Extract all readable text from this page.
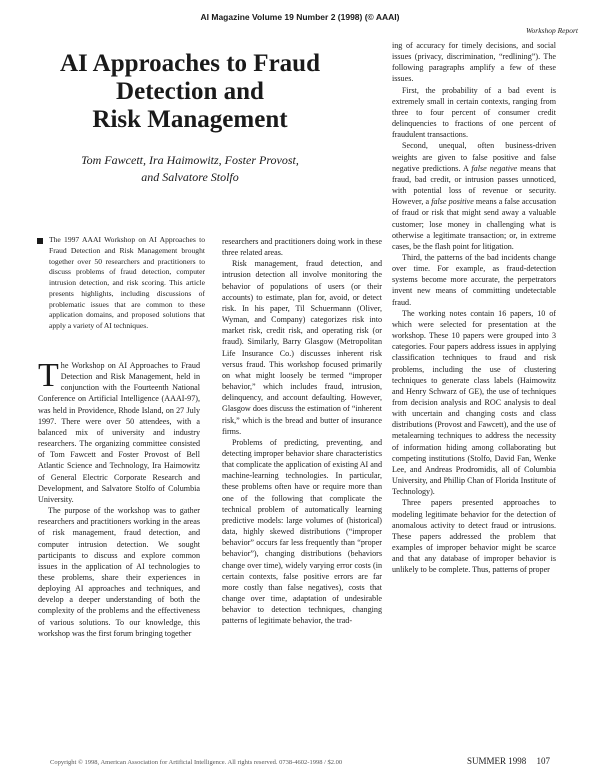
AI Magazine Volume 19 Number 2 (1998) (© AAAI)
Workshop Report
AI Approaches to Fraud
Detection and
Risk Management
Tom Fawcett, Ira Haimowitz, Foster Provost,
and Salvatore Stolfo
The 1997 AAAI Workshop on AI Approaches to Fraud Detection and Risk Management brought together over 50 researchers and practitioners to discuss problems of fraud detection, computer intrusion detection, and risk scoring. This article presents highlights, including discussions of problematic issues that are common to these application domains, and proposed solutions that apply a variety of AI techniques.

The Workshop on AI Approaches to Fraud Detection and Risk Management, held in conjunction with the Fourteenth National Conference on Artificial Intelligence (AAAI-97), was held in Providence, Rhode Island, on 27 July 1997. There were over 50 attendees, with a balanced mix of university and industry researchers. The organizing committee consisted of Tom Fawcett and Foster Provost of Bell Atlantic Science and Technology, Ira Haimowitz of General Electric Corporate Research and Development, and Salvatore Stolfo of Columbia University.

The purpose of the workshop was to gather researchers and practitioners working in the areas of risk management, fraud detection, and computer intrusion detection. We sought participants to discuss and explore common issues in the application of AI technologies to these problems, share their experiences in deploying AI approaches and techniques, and develop a deeper understanding of both the complexity of the problems and the effectiveness of various solutions. To our knowledge, this workshop was the first forum bringing together

researchers and practitioners doing work in these three related areas.

Risk management, fraud detection, and intrusion detection all involve monitoring the behavior of populations of users (or their accounts) to estimate, plan for, avoid, or detect risk. In his paper, Til Schuermann (Oliver, Wyman, and Company) categorizes risk into market risk, credit risk, and operating risk (or fraud). Similarly, Barry Glasgow (Metropolitan Life Insurance Co.) discusses inherent risk versus fraud. This workshop focused primarily on what might loosely be termed “improper behavior,” which includes fraud, intrusion, delinquency, and account defaulting. However, Glasgow does discuss the estimation of “inherent risk,” which is the bread and butter of insurance firms.

Problems of predicting, preventing, and detecting improper behavior share characteristics that complicate the application of existing AI and machine-learning technologies. In particular, these problems often have or require more than one of the following that complicate the technical problem of automatically learning predictive models: large volumes of (historical) data, highly skewed distributions (“improper behavior” occurs far less frequently than “proper behavior”), changing distributions (behaviors change over time), widely varying error costs (in certain contexts, false positive errors are far more costly than false negatives), costs that change over time, adaptation of undesirable behavior to detection techniques, changing patterns of legitimate behavior, the trad-

ing of accuracy for timely decisions, and social issues (privacy, discrimination, “redlining”). The following paragraphs amplify a few of these issues.

First, the probability of a bad event is extremely small in certain contexts, ranging from three to four percent of consumer credit delinquencies to fractions of one percent of fraudulent transactions.

Second, unequal, often business-driven weights are given to false positive and false negative predictions. A false negative means that fraud, bad credit, or intrusion passes unnoticed, with potential loss of revenue or security. However, a false positive means a false accusation of fraud or risk that might send away a valuable customer; lose money in challenging what is otherwise a legitimate transaction; or, in extreme cases, be the flash point for litigation.

Third, the patterns of the bad incidents change over time. For example, as fraud-detection systems become more accurate, the perpetrators invent new means of committing undetectable fraud.

The working notes contain 16 papers, 10 of which were selected for presentation at the workshop. These 10 papers were grouped into 3 categories. Four papers address issues in applying classification techniques to fraud and risk problems, including the use of clustering techniques to generate class labels (Haimowitz and Henry Schwarz of GE), the use of techniques from decision analysis and ROC analysis to deal with uncertain and changing costs and class distributions (Provost and Fawcett), and the use of metalearning techniques to address the necessity of information hiding among collaborating but competing institutions (Stolfo, David Fan, Wenke Lee, and Andreas Prodromidis, all of Columbia University, and Phillip Chan of Florida Institute of Technology).

Three papers presented approaches to modeling legitimate behavior for the detection of anomalous activity to detect fraud or intrusions. These papers addressed the problem that examples of improper behavior might be scarce and that any database of improper behavior is unlikely to be complete. Thus, patterns of proper

Copyright © 1998, American Association for Artificial Intelligence. All rights reserved. 0738-4602-1998 / $2.00	SUMMER 1998 107
